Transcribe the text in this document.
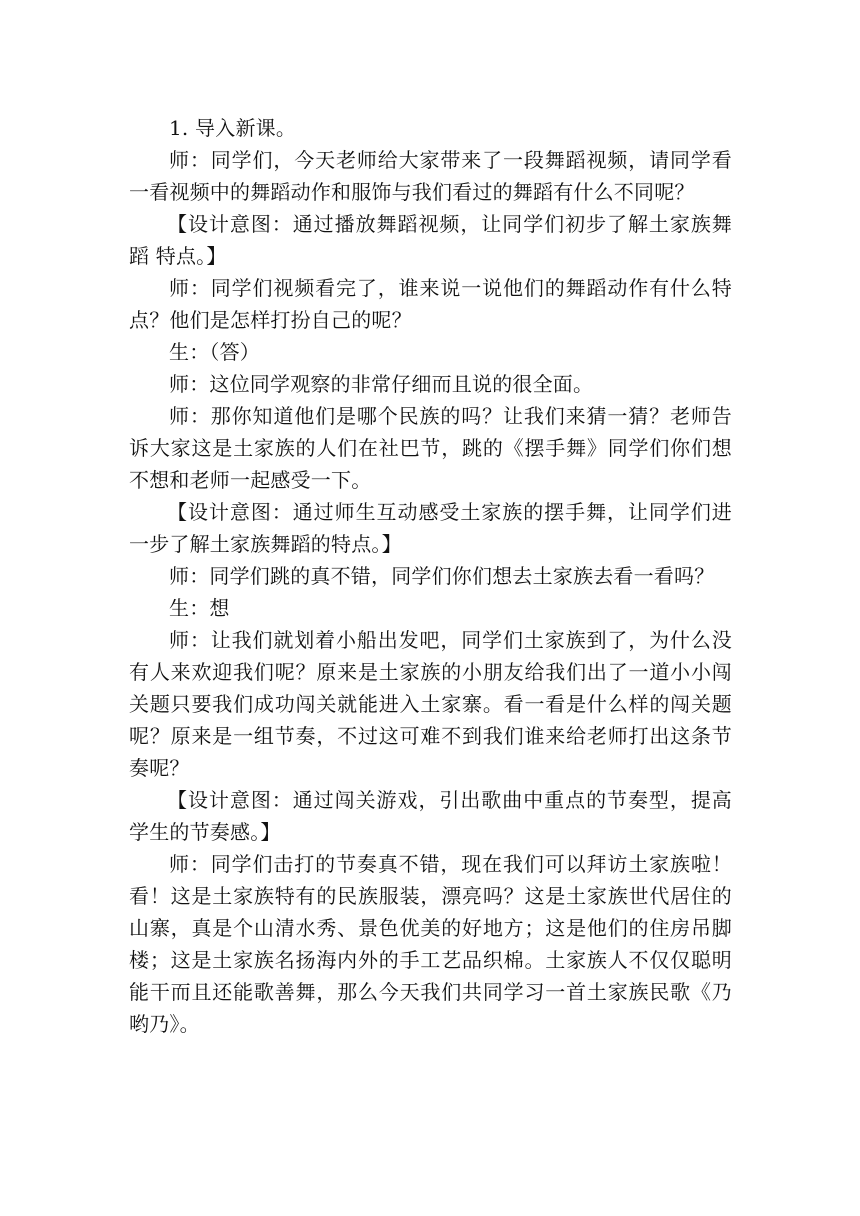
1. 导入新课。

师：同学们，今天老师给大家带来了一段舞蹈视频，请同学看一看视频中的舞蹈动作和服饰与我们看过的舞蹈有什么不同呢？

【设计意图：通过播放舞蹈视频，让同学们初步了解土家族舞蹈 特点。】

师：同学们视频看完了，谁来说一说他们的舞蹈动作有什么特点？他们是怎样打扮自己的呢？

生：（答）

师：这位同学观察的非常仔细而且说的很全面。

师：那你知道他们是哪个民族的吗？让我们来猜一猜？老师告诉大家这是土家族的人们在社巴节，跳的《摆手舞》同学们你们想不想和老师一起感受一下。

【设计意图：通过师生互动感受土家族的摆手舞，让同学们进一步了解土家族舞蹈的特点。】

师：同学们跳的真不错，同学们你们想去土家族去看一看吗？

生：想

师：让我们就划着小船出发吧，同学们土家族到了，为什么没有人来欢迎我们呢？原来是土家族的小朋友给我们出了一道小小闯关题只要我们成功闯关就能进入土家寨。看一看是什么样的闯关题呢？原来是一组节奏，不过这可难不到我们谁来给老师打出这条节奏呢？

【设计意图：通过闯关游戏，引出歌曲中重点的节奏型，提高学生的节奏感。】

师：同学们击打的节奏真不错，现在我们可以拜访土家族啦！看！这是土家族特有的民族服装，漂亮吗？这是土家族世代居住的山寨，真是个山清水秀、景色优美的好地方；这是他们的住房吊脚楼；这是土家族名扬海内外的手工艺品织棉。土家族人不仅仅聪明能干而且还能歌善舞，那么今天我们共同学习一首土家族民歌《乃哟乃》。
